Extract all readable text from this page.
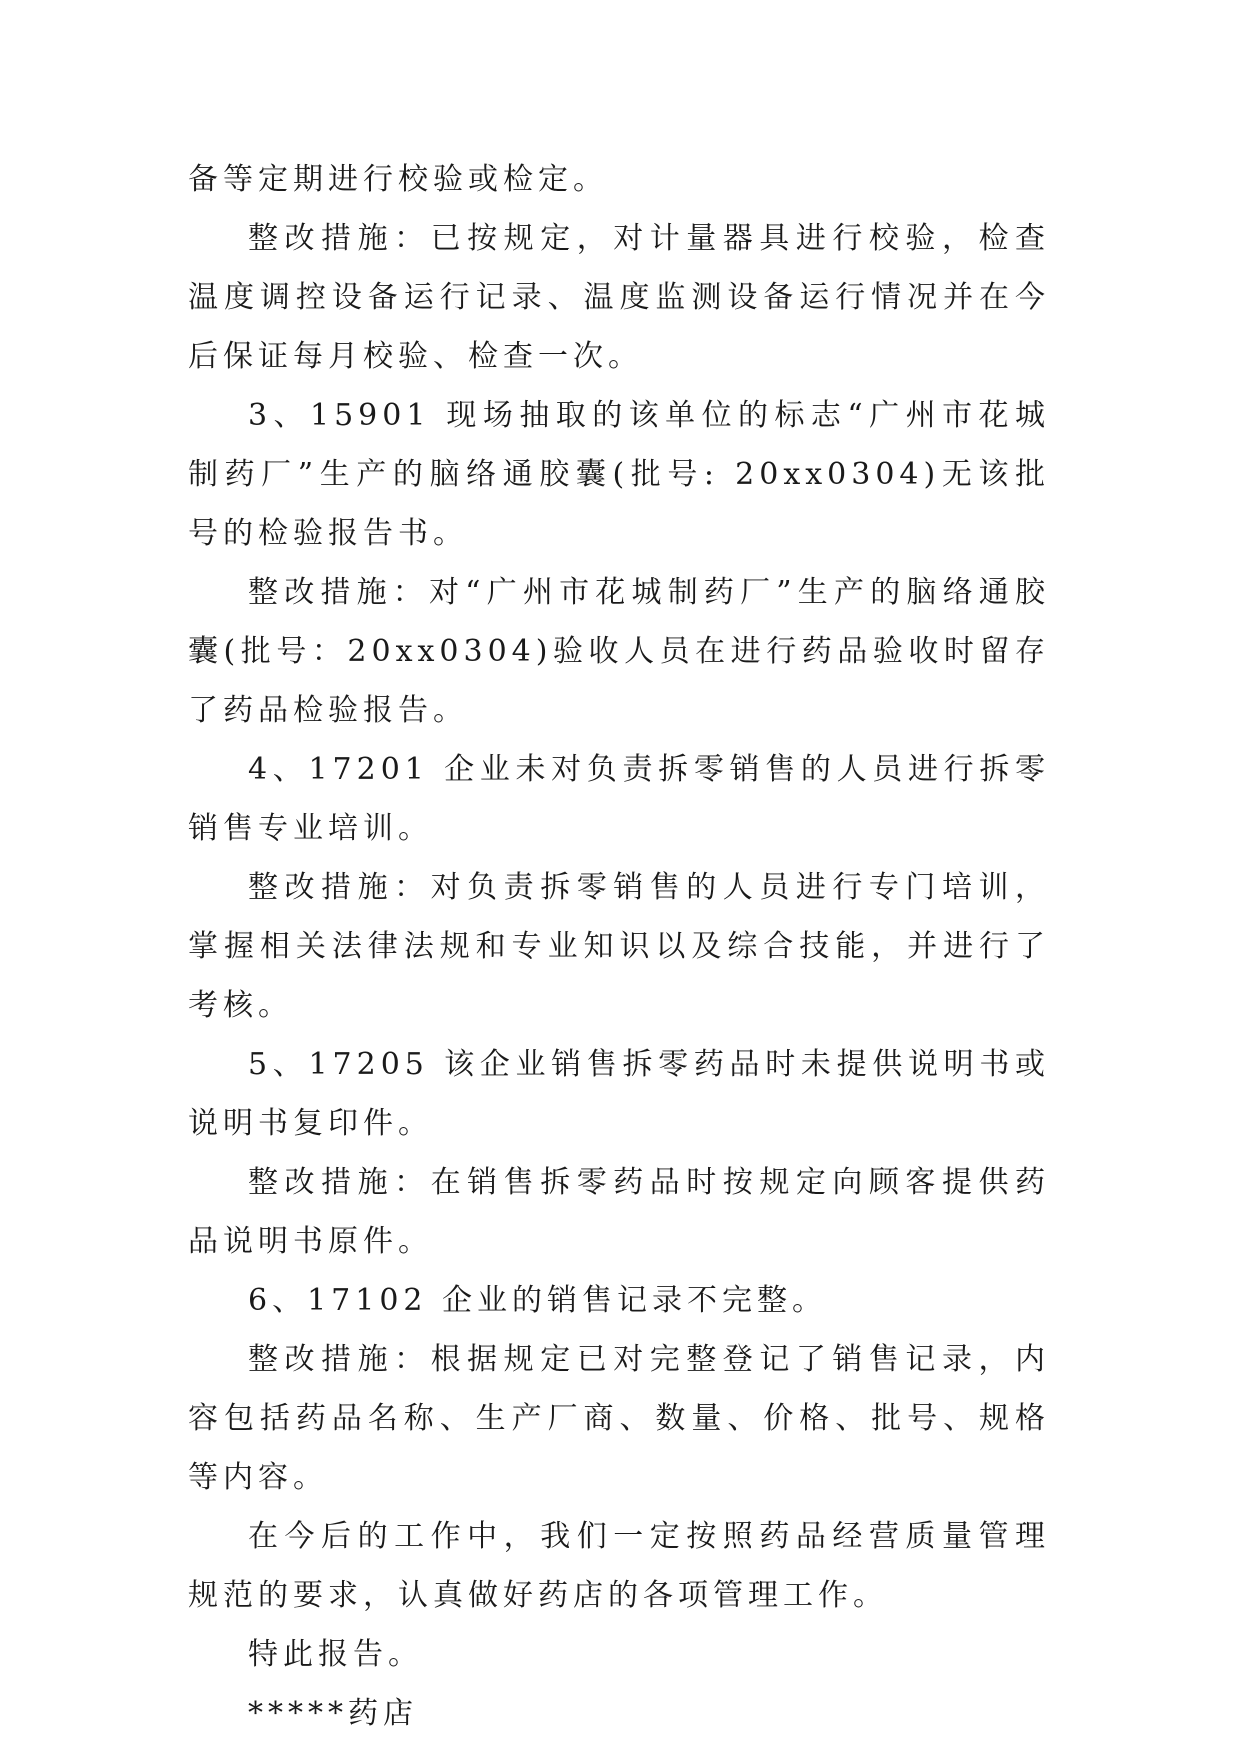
备等定期进行校验或检定。

整改措施：已按规定，对计量器具进行校验，检查温度调控设备运行记录、温度监测设备运行情况并在今后保证每月校验、检查一次。

3、15901 现场抽取的该单位的标志“广州市花城制药厂”生产的脑络通胶囊(批号: 20xx0304)无该批号的检验报告书。

整改措施：对“广州市花城制药厂”生产的脑络通胶囊(批号：20xx0304)验收人员在进行药品验收时留存了药品检验报告。

4、17201 企业未对负责拆零销售的人员进行拆零销售专业培训。

整改措施：对负责拆零销售的人员进行专门培训，掌握相关法律法规和专业知识以及综合技能，并进行了考核。

5、17205 该企业销售拆零药品时未提供说明书或说明书复印件。

整改措施：在销售拆零药品时按规定向顾客提供药品说明书原件。

6、17102 企业的销售记录不完整。

整改措施：根据规定已对完整登记了销售记录，内容包括药品名称、生产厂商、数量、价格、批号、规格等内容。

在今后的工作中，我们一定按照药品经营质量管理规范的要求，认真做好药店的各项管理工作。

特此报告。

*****药店
